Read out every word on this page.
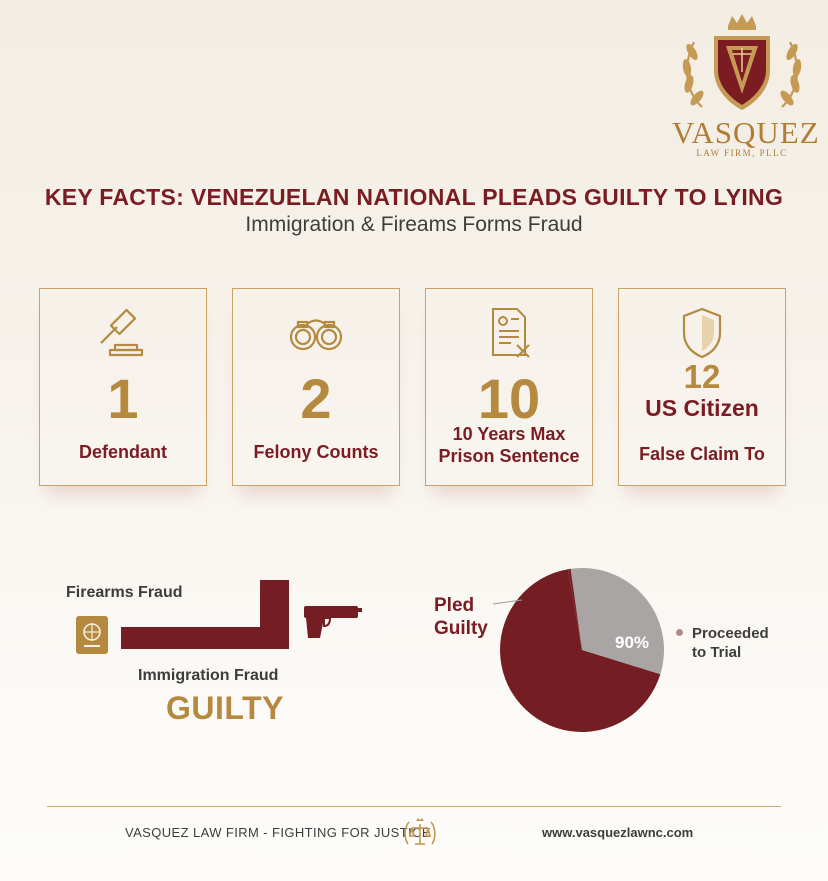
VASQUEZ
LAW FIRM, PLLC
KEY FACTS: VENEZUELAN NATIONAL PLEADS GUILTY TO LYING
Immigration & Fireams Forms Fraud
1
Defendant
2
Felony Counts
10
10 Years Max
Prison Sentence
12
US Citizen
False Claim To
Firearms Fraud
Immigration Fraud
GUILTY
Pled
Guilty
90%	Proceeded
to Trial
VASQUEZ LAW FIRM - FIGHTING FOR JUSTICE	www.vasquezlawnc.com
